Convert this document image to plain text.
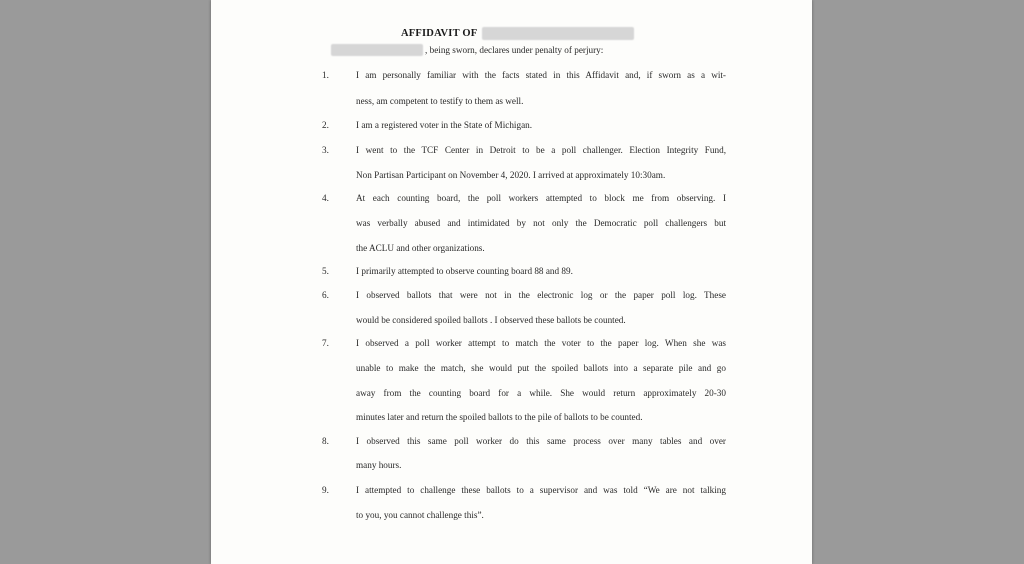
AFFIDAVIT OF
, being sworn, declares under penalty of perjury:
1.	I am personally familiar with the facts stated in this Affidavit and, if sworn as a wit-
ness, am competent to testify to them as well.
2.	I am a registered voter in the State of Michigan.
3.	I went to the TCF Center in Detroit to be a poll challenger. Election Integrity Fund,
Non Partisan Participant on November 4, 2020. I arrived at approximately 10:30am.
4.	At each counting board, the poll workers attempted to block me from observing. I
was verbally abused and intimidated by not only the Democratic poll challengers but
the ACLU and other organizations.
5.	I primarily attempted to observe counting board 88 and 89.
6.	I observed ballots that were not in the electronic log or the paper poll log. These
would be considered spoiled ballots . I observed these ballots be counted.
7.	I observed a poll worker attempt to match the voter to the paper log. When she was
unable to make the match, she would put the spoiled ballots into a separate pile and go
away from the counting board for a while. She would return approximately 20-30
minutes later and return the spoiled ballots to the pile of ballots to be counted.
8.	I observed this same poll worker do this same process over many tables and over
many hours.
9.	I attempted to challenge these ballots to a supervisor and was told “We are not talking
to you, you cannot challenge this”.
